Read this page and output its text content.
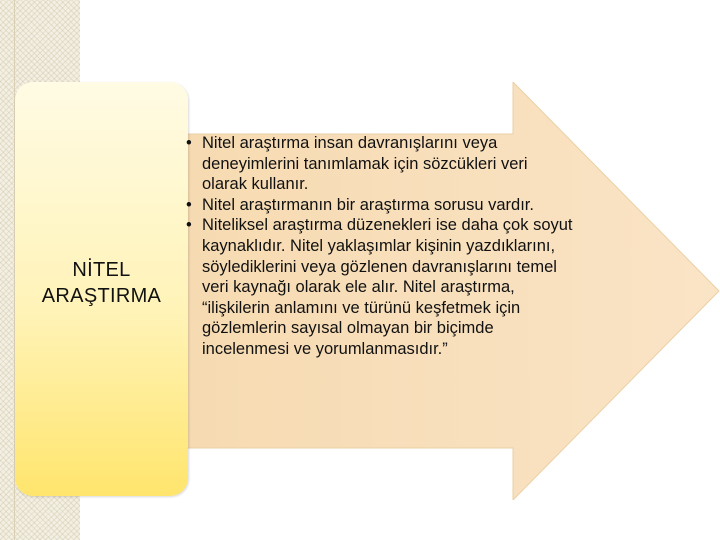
NİTEL
ARAŞTIRMA

• Nitel araştırma insan davranışlarını veya deneyimlerini tanımlamak için sözcükleri veri olarak kullanır.
• Nitel araştırmanın bir araştırma sorusu vardır.
• Niteliksel araştırma düzenekleri ise daha çok soyut kaynaklıdır. Nitel yaklaşımlar kişinin yazdıklarını, söylediklerini veya gözlenen davranışlarını temel veri kaynağı olarak ele alır. Nitel araştırma, “ilişkilerin anlamını ve türünü keşfetmek için gözlemlerin sayısal olmayan bir biçimde incelenmesi ve yorumlanmasıdır.”
